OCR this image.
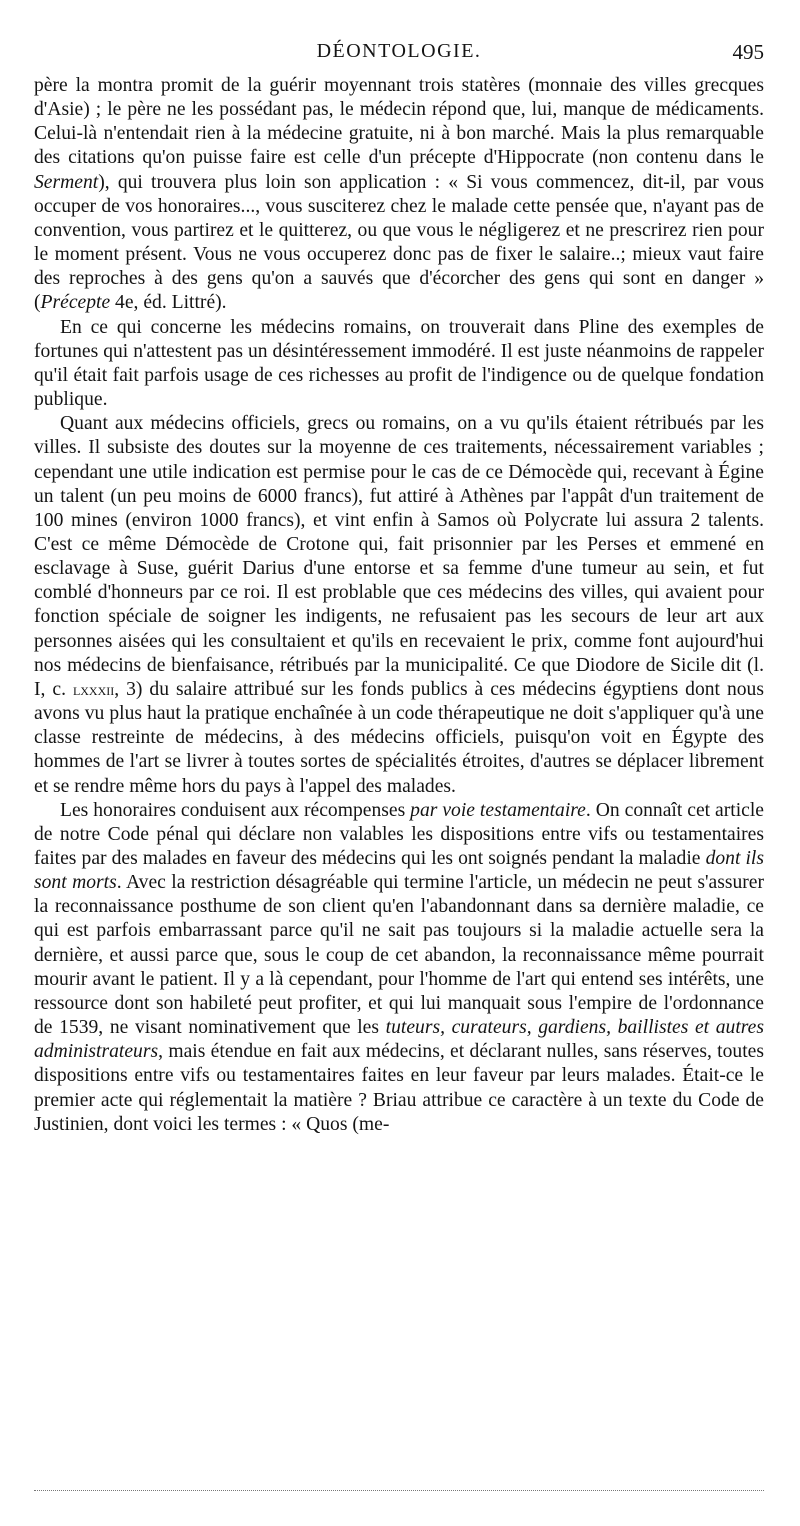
DÉONTOLOGIE.	495

père la montra promit de la guérir moyennant trois statères (monnaie des villes grecques d'Asie) ; le père ne les possédant pas, le médecin répond que, lui, manque de médicaments. Celui-là n'entendait rien à la médecine gratuite, ni à bon marché. Mais la plus remarquable des citations qu'on puisse faire est celle d'un précepte d'Hippocrate (non contenu dans le Serment), qui trouvera plus loin son application : « Si vous commencez, dit-il, par vous occuper de vos honoraires..., vous susciterez chez le malade cette pensée que, n'ayant pas de convention, vous partirez et le quitterez, ou que vous le négligerez et ne prescrirez rien pour le moment présent. Vous ne vous occuperez donc pas de fixer le salaire..; mieux vaut faire des reproches à des gens qu'on a sauvés que d'écorcher des gens qui sont en danger » (Précepte 4e, éd. Littré).

En ce qui concerne les médecins romains, on trouverait dans Pline des exemples de fortunes qui n'attestent pas un désintéressement immodéré. Il est juste néanmoins de rappeler qu'il était fait parfois usage de ces richesses au profit de l'indigence ou de quelque fondation publique.

Quant aux médecins officiels, grecs ou romains, on a vu qu'ils étaient rétribués par les villes. Il subsiste des doutes sur la moyenne de ces traitements, nécessairement variables ; cependant une utile indication est permise pour le cas de ce Démocède qui, recevant à Égine un talent (un peu moins de 6000 francs), fut attiré à Athènes par l'appât d'un traitement de 100 mines (environ 1000 francs), et vint enfin à Samos où Polycrate lui assura 2 talents. C'est ce même Démocède de Crotone qui, fait prisonnier par les Perses et emmené en esclavage à Suse, guérit Darius d'une entorse et sa femme d'une tumeur au sein, et fut comblé d'honneurs par ce roi. Il est problable que ces médecins des villes, qui avaient pour fonction spéciale de soigner les indigents, ne refusaient pas les secours de leur art aux personnes aisées qui les consultaient et qu'ils en recevaient le prix, comme font aujourd'hui nos médecins de bienfaisance, rétribués par la municipalité. Ce que Diodore de Sicile dit (l. I, c. lxxxii, 3) du salaire attribué sur les fonds publics à ces médecins égyptiens dont nous avons vu plus haut la pratique enchaînée à un code thérapeutique ne doit s'appliquer qu'à une classe restreinte de médecins, à des médecins officiels, puisqu'on voit en Égypte des hommes de l'art se livrer à toutes sortes de spécialités étroites, d'autres se déplacer librement et se rendre même hors du pays à l'appel des malades.

Les honoraires conduisent aux récompenses par voie testamentaire. On connaît cet article de notre Code pénal qui déclare non valables les dispositions entre vifs ou testamentaires faites par des malades en faveur des médecins qui les ont soignés pendant la maladie dont ils sont morts. Avec la restriction désagréable qui termine l'article, un médecin ne peut s'assurer la reconnaissance posthume de son client qu'en l'abandonnant dans sa dernière maladie, ce qui est parfois embarrassant parce qu'il ne sait pas toujours si la maladie actuelle sera la dernière, et aussi parce que, sous le coup de cet abandon, la reconnaissance même pourrait mourir avant le patient. Il y a là cependant, pour l'homme de l'art qui entend ses intérêts, une ressource dont son habileté peut profiter, et qui lui manquait sous l'empire de l'ordonnance de 1539, ne visant nominativement que les tuteurs, curateurs, gardiens, baillistes et autres administrateurs, mais étendue en fait aux médecins, et déclarant nulles, sans réserves, toutes dispositions entre vifs ou testamentaires faites en leur faveur par leurs malades. Était-ce le premier acte qui réglementait la matière ? Briau attribue ce caractère à un texte du Code de Justinien, dont voici les termes : « Quos (me-
